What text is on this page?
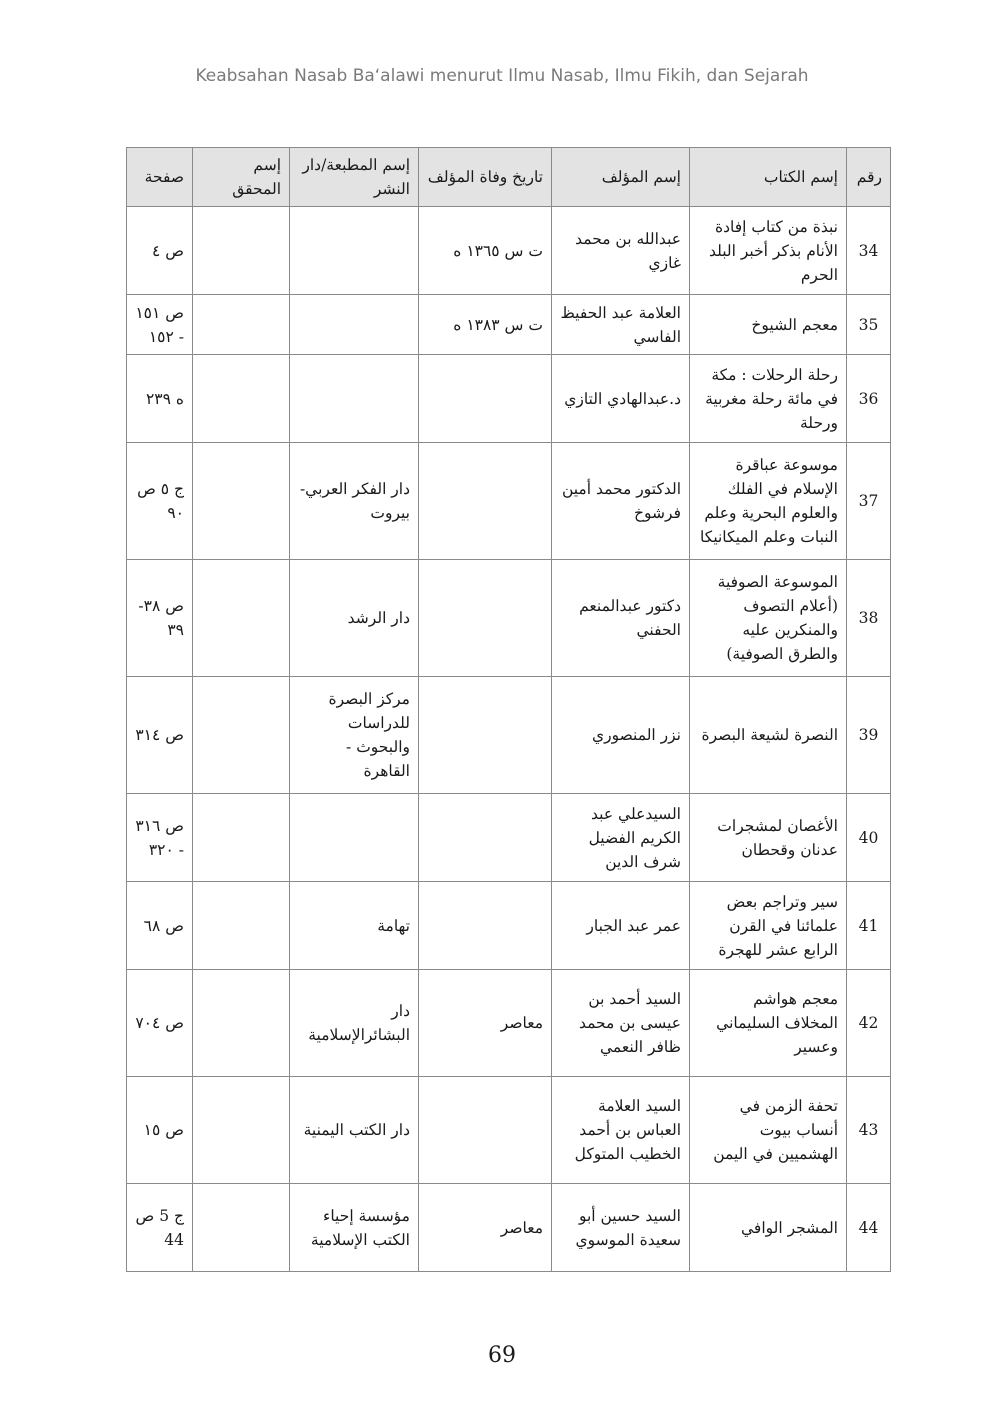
Keabsahan Nasab Ba‘alawi menurut Ilmu Nasab, Ilmu Fikih, dan Sejarah
رقم	إسم الكتاب	إسم المؤلف	تاريخ وفاة المؤلف	إسم المطبعة/دار النشر	إسم المحقق	صفحة
34	نبذة من كتاب إفادة الأنام بذكر أخبر البلد الحرم	عبدالله بن محمد غازي	ت س ١٣٦٥ ه			ص ٤
35	معجم الشيوخ	العلامة عبد الحفيظ الفاسي	ت س ١٣٨٣ ه			ص ١٥١ - ١٥٢
36	رحلة الرحلات : مكة في مائة رحلة مغربية ورحلة	د.عبدالهادي التازي				ه ٢٣٩
37	موسوعة عباقرة الإسلام في الفلك والعلوم البحرية وعلم النبات وعلم الميكانيكا	الدكتور محمد أمين فرشوخ		دار الفكر العربي- بيروت		ج ٥ ص ٩٠
38	الموسوعة الصوفية (أعلام التصوف والمنكرين عليه والطرق الصوفية)	دكتور عبدالمنعم الحفني		دار الرشد		ص ٣٨- ٣٩
39	النصرة لشيعة البصرة	نزر المنصوري		مركز البصرة للدراسات والبحوث - القاهرة		ص ٣١٤
40	الأغصان لمشجرات عدنان وقحطان	السيدعلي عبد الكريم الفضيل شرف الدين				ص ٣١٦ - ٣٢٠
41	سير وتراجم بعض علمائنا في القرن الرابع عشر للهجرة	عمر عبد الجبار		تهامة		ص ٦٨
42	معجم هواشم المخلاف السليماني وعسير	السيد أحمد بن عيسى بن محمد ظافر النعمي	معاصر	دار البشائرالإسلامية		ص ٧٠٤
43	تحفة الزمن في أنساب بيوت الهشميين في اليمن	السيد العلامة العباس بن أحمد الخطيب المتوكل		دار الكتب اليمنية		ص ١٥
44	المشجر الوافي	السيد حسين أبو سعيدة الموسوي	معاصر	مؤسسة إحياء الكتب الإسلامية		ج 5 ص 44
69
